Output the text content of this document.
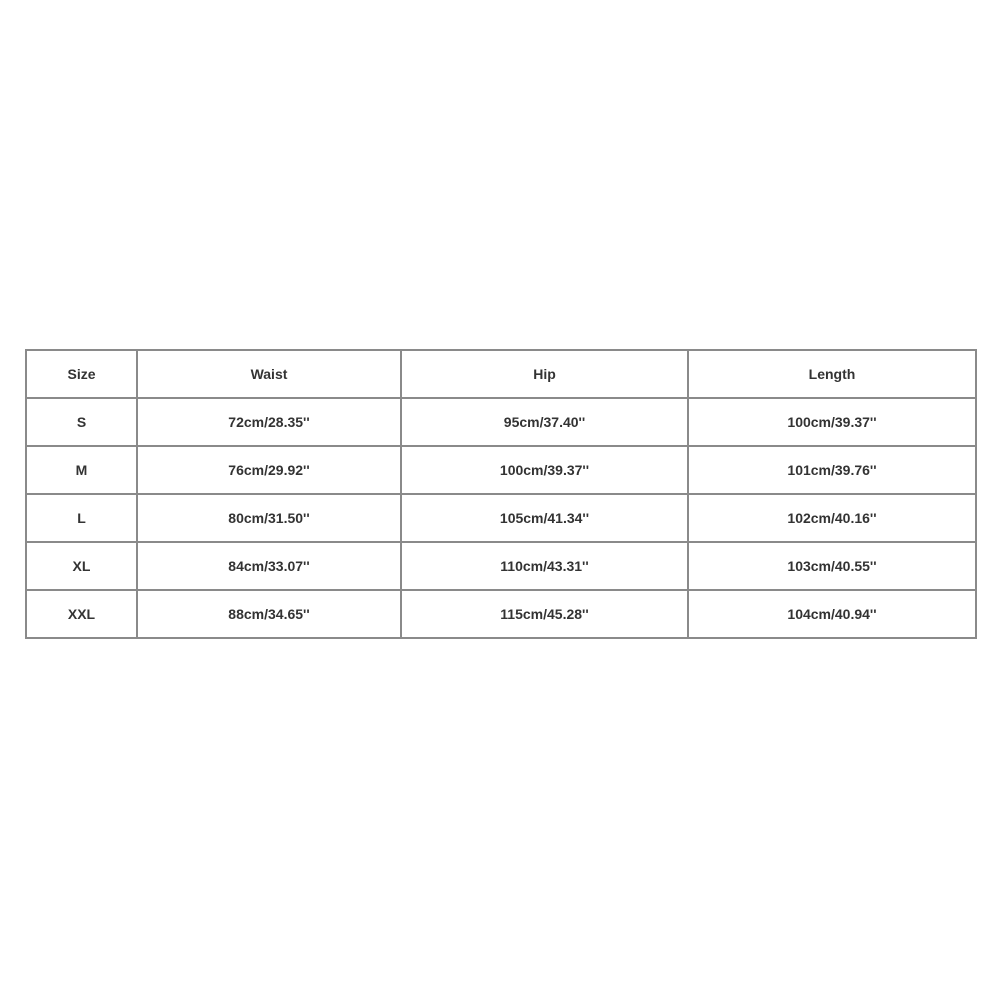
Size	Waist	Hip	Length
S	72cm/28.35''	95cm/37.40''	100cm/39.37''
M	76cm/29.92''	100cm/39.37''	101cm/39.76''
L	80cm/31.50''	105cm/41.34''	102cm/40.16''
XL	84cm/33.07''	110cm/43.31''	103cm/40.55''
XXL	88cm/34.65''	115cm/45.28''	104cm/40.94''
